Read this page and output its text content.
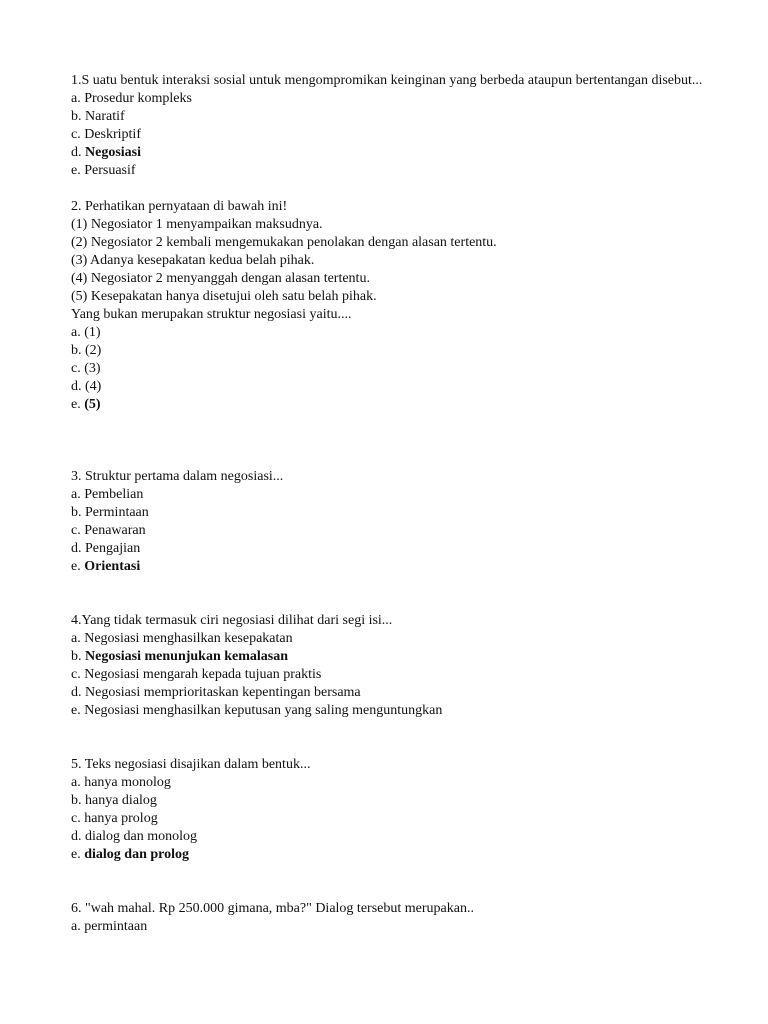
1.S uatu bentuk interaksi sosial untuk mengompromikan keinginan yang berbeda ataupun bertentangan disebut...
a. Prosedur kompleks
b. Naratif
c. Deskriptif
d. Negosiasi
e. Persuasif
2. Perhatikan pernyataan di bawah ini!
(1) Negosiator 1 menyampaikan maksudnya.
(2) Negosiator 2 kembali mengemukakan penolakan dengan alasan tertentu.
(3) Adanya kesepakatan kedua belah pihak.
(4) Negosiator 2 menyanggah dengan alasan tertentu.
(5) Kesepakatan hanya disetujui oleh satu belah pihak.
Yang bukan merupakan struktur negosiasi yaitu....
a. (1)
b. (2)
c. (3)
d. (4)
e. (5)
3. Struktur pertama dalam negosiasi...
a. Pembelian
b. Permintaan
c. Penawaran
d. Pengajian
e. Orientasi
4.Yang tidak termasuk ciri negosiasi dilihat dari segi isi...
a. Negosiasi menghasilkan kesepakatan
b. Negosiasi menunjukan kemalasan
c. Negosiasi mengarah kepada tujuan praktis
d. Negosiasi memprioritaskan kepentingan bersama
e. Negosiasi menghasilkan keputusan yang saling menguntungkan
5. Teks negosiasi disajikan dalam bentuk...
a. hanya monolog
b. hanya dialog
c. hanya prolog
d. dialog dan monolog
e. dialog dan prolog
6. "wah mahal. Rp 250.000 gimana, mba?" Dialog tersebut merupakan..
a. permintaan
